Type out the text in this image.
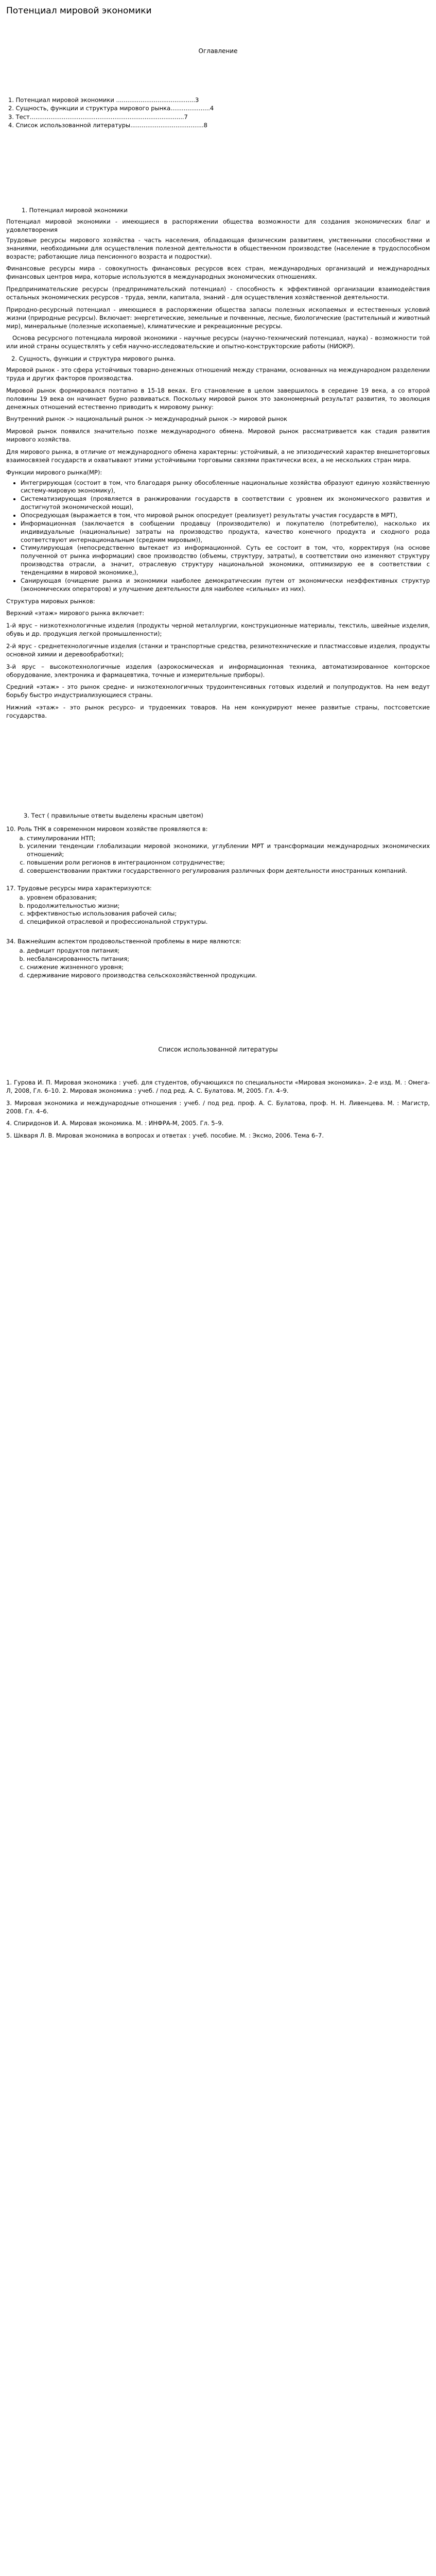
Потенциал мировой экономики
Оглавление
1. Потенциал мировой экономики ..........................................3
2. Сущность, функции и структура мирового рынка.....................4
3. Тест..................................................................................7
4. Список использованной литературы.......................................8
1. Потенциал мировой экономики

Потенциал мировой экономики - имеющиеся в распоряжении общества возможности для создания экономических благ и удовлетворения

Трудовые ресурсы мирового хозяйства - часть населения, обладающая физическим развитием, умственными способностями и знаниями, необходимыми для осуществления полезной деятельности в общественном производстве (население в трудоспособном возрасте; работающие лица пенсионного возраста и подростки).

Финансовые ресурсы мира - совокупность финансовых ресурсов всех стран, международных организаций и международных финансовых центров мира, которые используются в международных экономических отношениях.

Предпринимательские ресурсы (предпринимательский потенциал) - способность к эффективной организации взаимодействия остальных экономических ресурсов - труда, земли, капитала, знаний - для осуществления хозяйственной деятельности.

Природно-ресурсный потенциал - имеющиеся в распоряжении общества запасы полезных ископаемых и естественных условий жизни (природные ресурсы). Включает: энергетические, земельные и почвенные, лесные, биологические (растительный и животный мир), минеральные (полезные ископаемые), климатические и рекреационные ресурсы.

Основа ресурсного потенциала мировой экономики - научные ресурсы (научно-технический потенциал, наука) - возможности той или иной страны осуществлять у себя научно-исследовательские и опытно-конструкторские работы (НИОКР).

2. Сущность, функции и структура мирового рынка.

Мировой рынок - это сфера устойчивых товарно-денежных отношений между странами, основанных на международном разделении труда и других факторов производства.

Мировой рынок формировался поэтапно в 15-18 веках. Его становление в целом завершилось в середине 19 века, а со второй половины 19 века он начинает бурно развиваться. Поскольку мировой рынок это закономерный результат развития, то эволюция денежных отношений естественно приводить к мировому рынку:

Внутренний рынок -> национальный рынок -> международный рынок -> мировой рынок

Мировой рынок появился значительно позже международного обмена. Мировой рынок рассматривается как стадия развития мирового хозяйства.

Для мирового рынка, в отличие от международного обмена характерны: устойчивый, а не эпизодический характер внешнеторговых взаимосвязей государств и охватывают этими устойчивыми торговыми связями практически всех, а не нескольких стран мира.

Функции мирового рынка(МР):

• Интегрирующая (состоит в том, что благодаря рынку обособленные национальные хозяйства образуют единую хозяйственную систему-мировую экономику),
• Систематизирующая (проявляется в ранжировании государств в соответствии с уровнем их экономического развития и достигнутой экономической мощи),
• Опосредующая (выражается в том, что мировой рынок опосредует (реализует) результаты участия государств в МРТ),
• Информационная (заключается в сообщении продавцу (производителю) и покупателю (потребителю), насколько их индивидуальные (национальные) затраты на производство продукта, качество конечного продукта и сходного рода соответствуют интернациональным (средним мировым)),
• Стимулирующая (непосредственно вытекает из информационной. Суть ее состоит в том, что, корректируя (на основе полученной от рынка информации) свое производство (объемы, структуру, затраты), в соответствии оно изменяют структуру производства отрасли, а значит, отраслевую структуру национальной экономики, оптимизирую ее в соответствии с тенденциями в мировой экономике,),
• Санирующая (очищение рынка и экономики наиболее демократическим путем от экономически неэффективных структур (экономических операторов) и улучшение деятельности для наиболее «сильных» из них).

Структура мировых рынков:

Верхний «этаж» мирового рынка включает:

1-й ярус – низкотехнологичные изделия (продукты черной металлургии, конструкционные материалы, текстиль, швейные изделия, обувь и др. продукция легкой промышленности);

2-й ярус - среднетехнологичные изделия (станки и транспортные средства, резинотехнические и пластмассовые изделия, продукты основной химии и деревообработки);

3-й ярус – высокотехнологичные изделия (аэрокосмическая и информационная техника, автоматизированное конторское оборудование, электроника и фармацевтика, точные и измерительные приборы).

Средний «этаж» - это рынок средне- и низкотехнологичных трудоинтенсивных готовых изделий и полупродуктов. На нем ведут борьбу быстро индустриализующиеся страны.

Нижний «этаж» - это рынок ресурсо- и трудоемких товаров. На нем конкурируют менее развитые страны, постсоветские государства.

3. Тест ( правильные ответы выделены красным цветом)
10. Роль ТНК в современном мировом хозяйстве проявляются в:
a. стимулировании НТП;
b. усилении тенденции глобализации мировой экономики, углублении МРТ и трансформации международных экономических отношений;
c. повышении роли регионов в интеграционном сотрудничестве;
d. совершенствовании практики государственного регулирования различных форм деятельности иностранных компаний.
17. Трудовые ресурсы мира характеризуются:
a. уровнем образования;
b. продолжительностью жизни;
c. эффективностью использования рабочей силы;
d. спецификой отраслевой и профессиональной структуры.
34. Важнейшим аспектом продовольственной проблемы в мире являются:
a. дефицит продуктов питания;
b. несбалансированность питания;
c. снижение жизненного уровня;
d. сдерживание мирового производства сельскохозяйственной продукции.
Список использованной литературы

1. Гурова И. П. Мировая экономика : учеб. для студентов, обучающихся по специальности «Мировая экономика». 2-е изд. М. : Омега-Л, 2008, Гл. 6–10. 2. Мировая экономика : учеб. / под ред. А. С. Булатова. М, 2005. Гл. 4–9.

3. Мировая экономика и международные отношения : учеб. / под ред. проф. А. С. Булатова, проф. Н. Н. Ливенцева. М. : Магистр, 2008. Гл. 4–6.

4. Спиридонов И. А. Мировая экономика. М. : ИНФРА-М, 2005. Гл. 5–9.

5. Шкваря Л. В. Мировая экономика в вопросах и ответах : учеб. пособие. М. : Эксмо, 2006. Тема 6–7.
